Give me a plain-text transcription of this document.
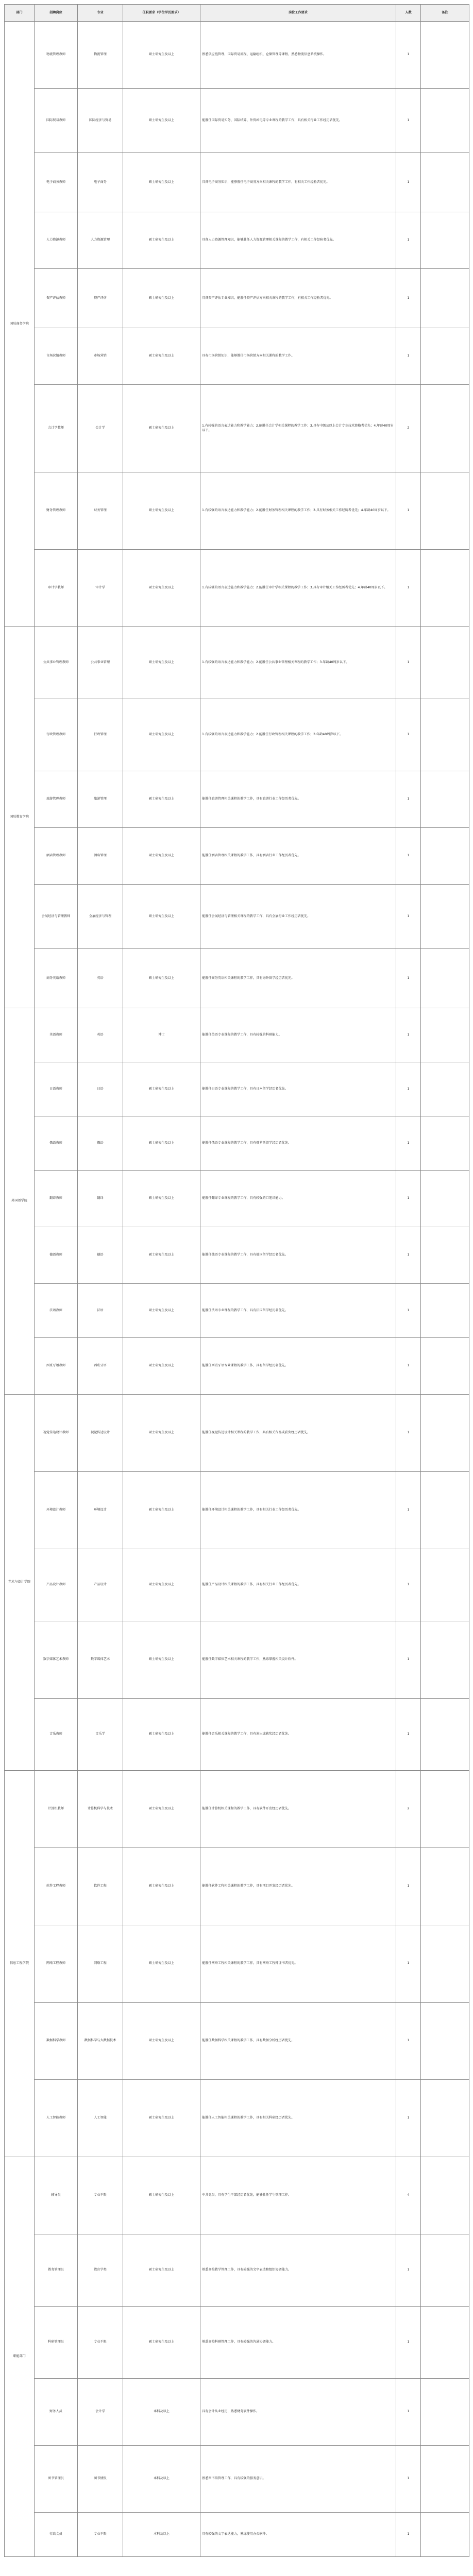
部门	招聘岗位	专业	任职要求（学位学历要求）	岗位工作要求	人数	备注
国际商务学院	物流管理教师	物流管理	硕士研究生及以上	熟悉供应链管理、国际贸易流程、运输组织、仓储管理等课程，熟悉物流信息系统操作。	1	
	国际贸易教师	国际经济与贸易	硕士研究生及以上	能胜任国际贸易实务、国际结算、外贸函电等专业课程的教学工作，具有相关行业工作经历者优先。	1	
	电子商务教师	电子商务	硕士研究生及以上	具备电子商务知识，能够胜任电子商务方向相关课程的教学工作，有相关工作经验者优先。	1	
	人力资源教师	人力资源管理	硕士研究生及以上	具备人力资源管理知识，能够胜任人力资源管理相关课程的教学工作，有相关工作经验者优先。	1	
	资产评估教师	资产评估	硕士研究生及以上	具备资产评估专业知识，能胜任资产评估方向相关课程的教学工作，有相关工作经验者优先。	1	
	市场营销教师	市场营销	硕士研究生及以上	具有市场营销知识，能够胜任市场营销方向相关课程的教学工作。	1	
	会计学教师	会计学	硕士研究生及以上	1.有较强的语言表达能力和教学能力；2.能胜任会计学相关课程的教学工作；3.具有中级及以上会计专业技术资格者优先；4.年龄40周岁以下。	2	
	财务管理教师	财务管理	硕士研究生及以上	1.有较强的语言表达能力和教学能力；2.能胜任财务管理相关课程的教学工作；3.具有财务相关工作经历者优先；4.年龄40周岁以下。	1	
	审计学教师	审计学	硕士研究生及以上	1.有较强的语言表达能力和教学能力；2.能胜任审计学相关课程的教学工作；3.具有审计相关工作经历者优先；4.年龄40周岁以下。	1	
国际教育学院	公共事业管理教师	公共事业管理	硕士研究生及以上	1.有较强的语言表达能力和教学能力；2.能胜任公共事业管理相关课程的教学工作；3.年龄40周岁以下。	1	
	行政管理教师	行政管理	硕士研究生及以上	1.有较强的语言表达能力和教学能力；2.能胜任行政管理相关课程的教学工作；3.年龄40周岁以下。	1	
	旅游管理教师	旅游管理	硕士研究生及以上	能胜任旅游管理相关课程的教学工作，具有旅游行业工作经历者优先。	1	
	酒店管理教师	酒店管理	硕士研究生及以上	能胜任酒店管理相关课程的教学工作，具有酒店行业工作经历者优先。	1	
	会展经济与管理教师	会展经济与管理	硕士研究生及以上	能胜任会展经济与管理相关课程的教学工作，具有会展行业工作经历者优先。	1	
	商务英语教师	英语	硕士研究生及以上	能胜任商务英语相关课程的教学工作，具有海外留学经历者优先。	1	
外国语学院	英语教师	英语	博士	能胜任英语专业课程的教学工作，具有较强的科研能力。	1	
	日语教师	日语	硕士研究生及以上	能胜任日语专业课程的教学工作，具有日本留学经历者优先。	1	
	俄语教师	俄语	硕士研究生及以上	能胜任俄语专业课程的教学工作，具有俄罗斯留学经历者优先。	1	
	翻译教师	翻译	硕士研究生及以上	能胜任翻译专业课程的教学工作，具有较强的口笔译能力。	1	
	德语教师	德语	硕士研究生及以上	能胜任德语专业课程的教学工作，具有德国留学经历者优先。	1	
	法语教师	法语	硕士研究生及以上	能胜任法语专业课程的教学工作，具有法国留学经历者优先。	1	
	西班牙语教师	西班牙语	硕士研究生及以上	能胜任西班牙语专业课程的教学工作，具有留学经历者优先。	1	
艺术与设计学院	视觉传达设计教师	视觉传达设计	硕士研究生及以上	能胜任视觉传达设计相关课程的教学工作，具有相关作品或获奖经历者优先。	1	
	环境设计教师	环境设计	硕士研究生及以上	能胜任环境设计相关课程的教学工作，具有相关行业工作经历者优先。	1	
	产品设计教师	产品设计	硕士研究生及以上	能胜任产品设计相关课程的教学工作，具有相关行业工作经历者优先。	1	
	数字媒体艺术教师	数字媒体艺术	硕士研究生及以上	能胜任数字媒体艺术相关课程的教学工作，熟练掌握相关设计软件。	1	
	音乐教师	音乐学	硕士研究生及以上	能胜任音乐相关课程的教学工作，具有演出或获奖经历者优先。	1	
信息工程学院	计算机教师	计算机科学与技术	硕士研究生及以上	能胜任计算机相关课程的教学工作，具有软件开发经历者优先。	2	
	软件工程教师	软件工程	硕士研究生及以上	能胜任软件工程相关课程的教学工作，具有项目开发经历者优先。	1	
	网络工程教师	网络工程	硕士研究生及以上	能胜任网络工程相关课程的教学工作，具有网络工程师证书者优先。	1	
	数据科学教师	数据科学与大数据技术	硕士研究生及以上	能胜任数据科学相关课程的教学工作，具有数据分析经历者优先。	1	
	人工智能教师	人工智能	硕士研究生及以上	能胜任人工智能相关课程的教学工作，具有相关科研经历者优先。	1	
职能部门	辅导员	专业不限	硕士研究生及以上	中共党员，具有学生干部经历者优先，能够胜任学生管理工作。	4	
	教务管理员	教育学类	硕士研究生及以上	熟悉高校教学管理工作，具有较强的文字表达和组织协调能力。	1	
	科研管理员	专业不限	硕士研究生及以上	熟悉高校科研管理工作，具有较强的沟通协调能力。	1	
	财务人员	会计学	本科及以上	具有会计从业经历，熟悉财务软件操作。	1	
	图书管理员	图书情报	本科及以上	熟悉图书馆管理工作，具有较强的服务意识。	1	
	行政文员	专业不限	本科及以上	具有较强的文字表达能力，熟练使用办公软件。	1	
